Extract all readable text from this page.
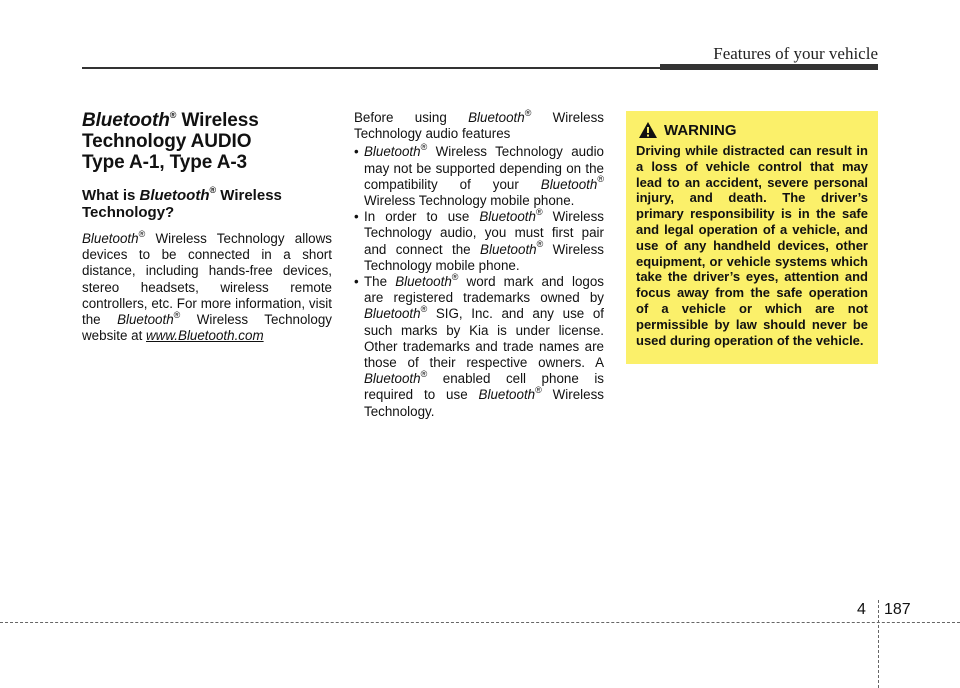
Features of your vehicle
Bluetooth® Wireless Technology AUDIO
Type A-1, Type A-3
What is Bluetooth® Wireless Technology?

Bluetooth® Wireless Technology allows devices to be connected in a short distance, including hands-free devices, stereo headsets, wireless remote controllers, etc. For more information, visit the Bluetooth® Wireless Technology website at www.Bluetooth.com

Before using Bluetooth® Wireless Technology audio features

• Bluetooth® Wireless Technology audio may not be supported depending on the compatibility of your Bluetooth® Wireless Technology mobile phone.
• In order to use Bluetooth® Wireless Technology audio, you must first pair and connect the Bluetooth® Wireless Technology mobile phone.
• The Bluetooth® word mark and logos are registered trademarks owned by Bluetooth® SIG, Inc. and any use of such marks by Kia is under license. Other trademarks and trade names are those of their respective owners. A Bluetooth® enabled cell phone is required to use Bluetooth® Wireless Technology.
WARNING

Driving while distracted can result in a loss of vehicle control that may lead to an accident, severe personal injury, and death. The driver’s primary responsibility is in the safe and legal operation of a vehicle, and use of any handheld devices, other equipment, or vehicle systems which take the driver’s eyes, attention and focus away from the safe operation of a vehicle or which are not permissible by law should never be used during operation of the vehicle.

4 187
